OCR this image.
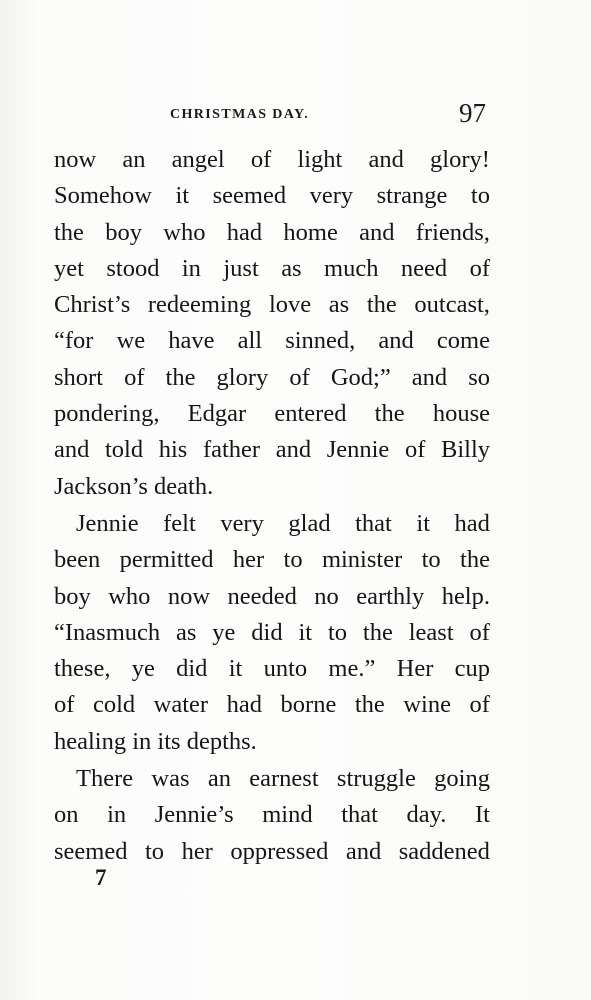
CHRISTMAS DAY.	97
now an angel of light and glory!
Somehow it seemed very strange to
the boy who had home and friends,
yet stood in just as much need of
Christ’s redeeming love as the outcast,
“for we have all sinned, and come
short of the glory of God;” and so
pondering, Edgar entered the house
and told his father and Jennie of Billy
Jackson’s death.
Jennie felt very glad that it had
been permitted her to minister to the
boy who now needed no earthly help.
“Inasmuch as ye did it to the least of
these, ye did it unto me.” Her cup
of cold water had borne the wine of
healing in its depths.
There was an earnest struggle going
on in Jennie’s mind that day. It
seemed to her oppressed and saddened
7
